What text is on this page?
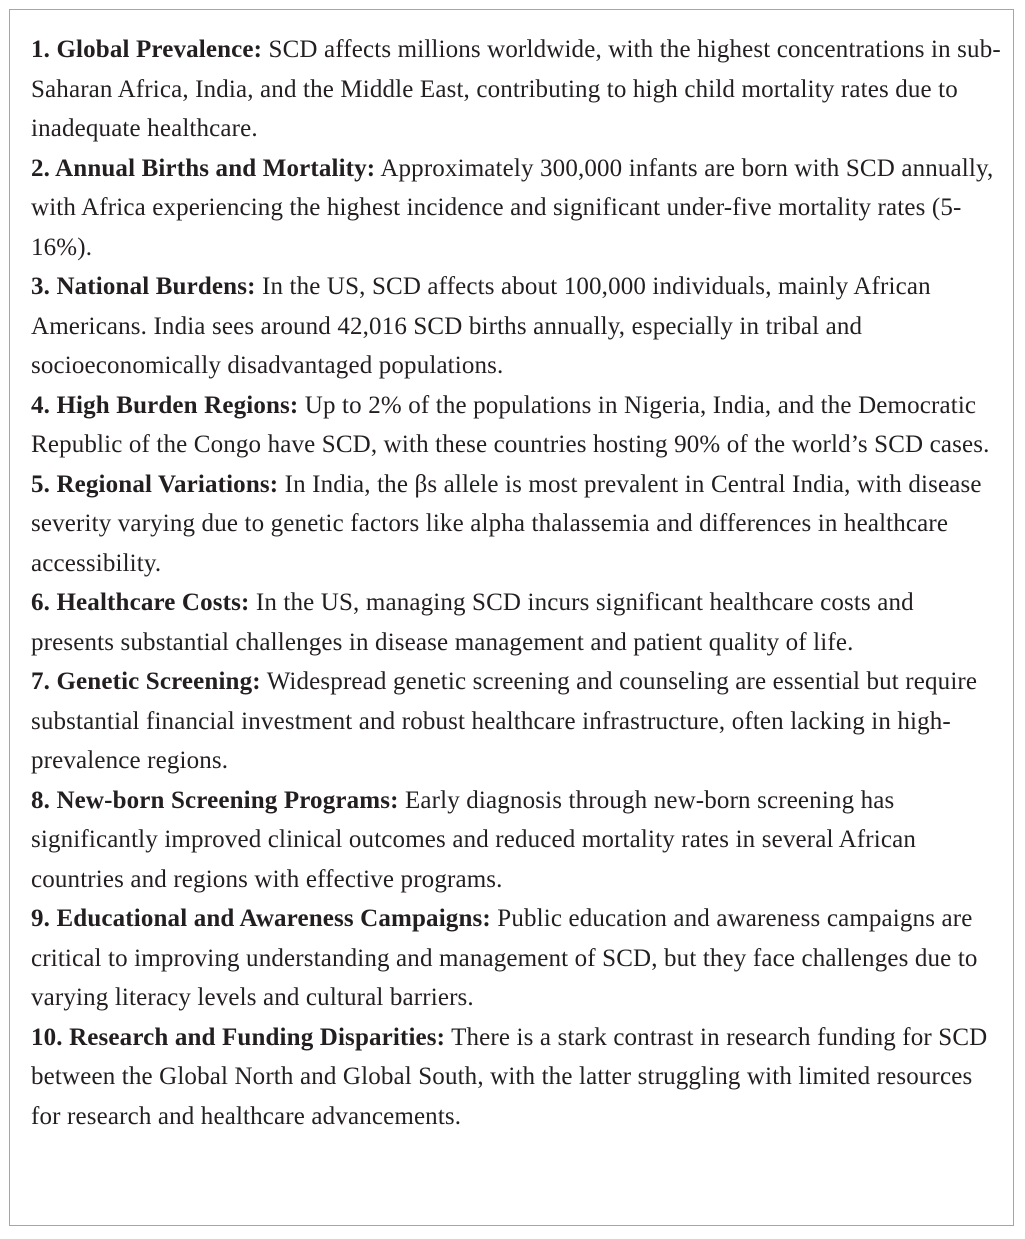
1. Global Prevalence: SCD affects millions worldwide, with the highest concentrations in sub-Saharan Africa, India, and the Middle East, contributing to high child mortality rates due to inadequate healthcare.
2. Annual Births and Mortality: Approximately 300,000 infants are born with SCD annually, with Africa experiencing the highest incidence and significant under-five mortality rates (5-16%).
3. National Burdens: In the US, SCD affects about 100,000 individuals, mainly African Americans. India sees around 42,016 SCD births annually, especially in tribal and socioeconomically disadvantaged populations.
4. High Burden Regions: Up to 2% of the populations in Nigeria, India, and the Democratic Republic of the Congo have SCD, with these countries hosting 90% of the world’s SCD cases.
5. Regional Variations: In India, the βs allele is most prevalent in Central India, with disease severity varying due to genetic factors like alpha thalassemia and differences in healthcare accessibility.
6. Healthcare Costs: In the US, managing SCD incurs significant healthcare costs and presents substantial challenges in disease management and patient quality of life.
7. Genetic Screening: Widespread genetic screening and counseling are essential but require substantial financial investment and robust healthcare infrastructure, often lacking in high-prevalence regions.
8. New-born Screening Programs: Early diagnosis through new-born screening has significantly improved clinical outcomes and reduced mortality rates in several African countries and regions with effective programs.
9. Educational and Awareness Campaigns: Public education and awareness campaigns are critical to improving understanding and management of SCD, but they face challenges due to varying literacy levels and cultural barriers.
10. Research and Funding Disparities: There is a stark contrast in research funding for SCD between the Global North and Global South, with the latter struggling with limited resources for research and healthcare advancements.
